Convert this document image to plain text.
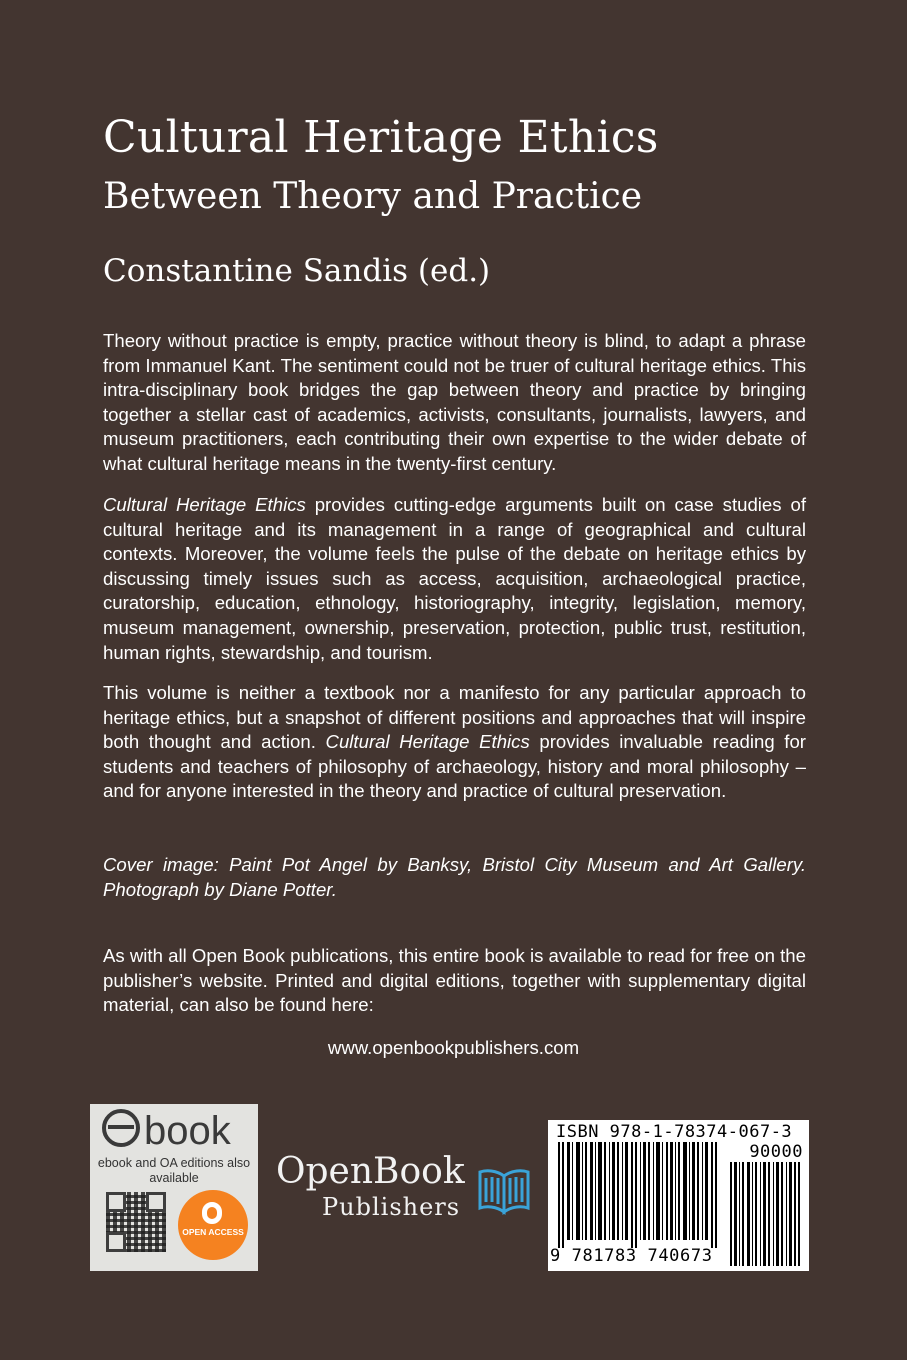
Cultural Heritage Ethics
Between Theory and Practice
Constantine Sandis (ed.)

Theory without practice is empty, practice without theory is blind, to adapt a phrase from Immanuel Kant. The sentiment could not be truer of cultural heritage ethics. This intra-disciplinary book bridges the gap between theory and practice by bringing together a stellar cast of academics, activists, consultants, journalists, lawyers, and museum practitioners, each contributing their own expertise to the wider debate of what cultural heritage means in the twenty-first century.

Cultural Heritage Ethics provides cutting-edge arguments built on case studies of cultural heritage and its management in a range of geographical and cultural contexts. Moreover, the volume feels the pulse of the debate on heritage ethics by discussing timely issues such as access, acquisition, archaeological practice, curatorship, education, ethnology, historiography, integrity, legislation, memory, museum management, ownership, preservation, protection, public trust, restitution, human rights, stewardship, and tourism.

This volume is neither a textbook nor a manifesto for any particular approach to heritage ethics, but a snapshot of different positions and approaches that will inspire both thought and action. Cultural Heritage Ethics provides invaluable reading for students and teachers of philosophy of archaeology, history and moral philosophy – and for anyone interested in the theory and practice of cultural preservation.

Cover image: Paint Pot Angel by Banksy, Bristol City Museum and Art Gallery. Photograph by Diane Potter.

As with all Open Book publications, this entire book is available to read for free on the publisher’s website. Printed and digital editions, together with supplementary digital material, can also be found here:

www.openbookpublishers.com
book
ebook and OA editions also available
OPEN ACCESS
OpenBook
Publishers
ISBN 978-1-78374-067-3
90000
9 781783 740673
